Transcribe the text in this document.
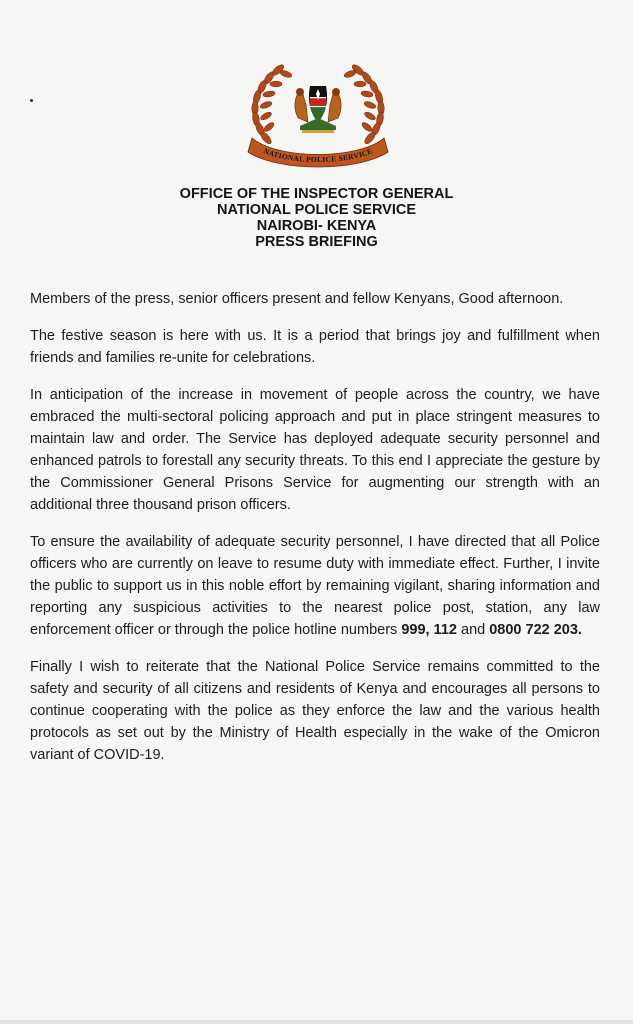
NATIONAL POLICE SERVICE
OFFICE OF THE INSPECTOR GENERAL
NATIONAL POLICE SERVICE
NAIROBI- KENYA
PRESS BRIEFING

Members of the press, senior officers present and fellow Kenyans, Good afternoon.

The festive season is here with us. It is a period that brings joy and fulfillment when friends and families re-unite for celebrations.

In anticipation of the increase in movement of people across the country, we have embraced the multi-sectoral policing approach and put in place stringent measures to maintain law and order. The Service has deployed adequate security personnel and enhanced patrols to forestall any security threats. To this end I appreciate the gesture by the Commissioner General Prisons Service for augmenting our strength with an additional three thousand prison officers.

To ensure the availability of adequate security personnel, I have directed that all Police officers who are currently on leave to resume duty with immediate effect. Further, I invite the public to support us in this noble effort by remaining vigilant, sharing information and reporting any suspicious activities to the nearest police post, station, any law enforcement officer or through the police hotline numbers 999, 112 and 0800 722 203.

Finally I wish to reiterate that the National Police Service remains committed to the safety and security of all citizens and residents of Kenya and encourages all persons to continue cooperating with the police as they enforce the law and the various health protocols as set out by the Ministry of Health especially in the wake of the Omicron variant of COVID-19.
